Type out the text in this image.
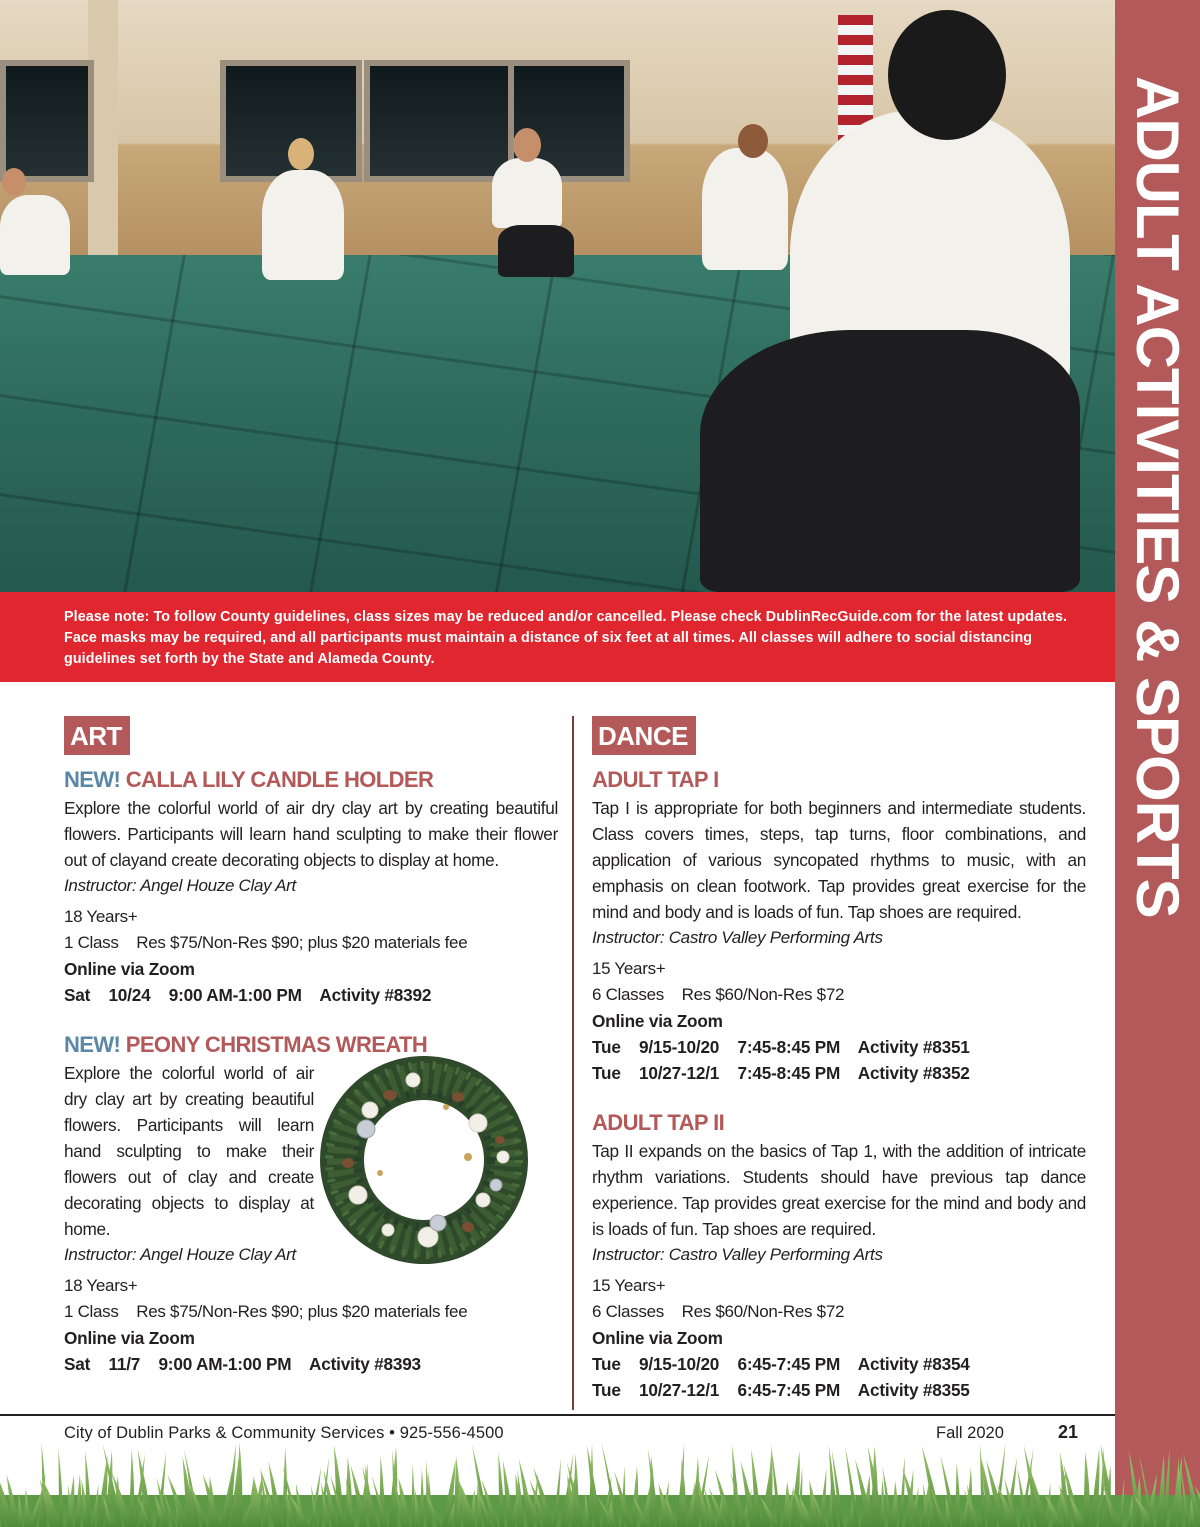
Please note: To follow County guidelines, class sizes may be reduced and/or cancelled. Please check DublinRecGuide.com for the latest updates. Face masks may be required, and all participants must maintain a distance of six feet at all times. All classes will adhere to social distancing guidelines set forth by the State and Alameda County.	ADULT ACTIVITIES & SPORTS
ART
NEW! CALLA LILY CANDLE HOLDER

Explore the colorful world of air dry clay art by creating beautiful flowers. Participants will learn hand sculpting to make their flower out of clayand create decorating objects to display at home.

Instructor: Angel Houze Clay Art
18 Years+
1 Class    Res $75/Non-Res $90; plus $20 materials fee
Online via Zoom
Sat    10/24    9:00 AM-1:00 PM    Activity #8392
NEW! PEONY CHRISTMAS WREATH

Explore the colorful world of air dry clay art by creating beautiful flowers. Participants will learn hand sculpting to make their flowers out of clay and create decorating objects to display at home.

Instructor: Angel Houze Clay Art
18 Years+
1 Class    Res $75/Non-Res $90; plus $20 materials fee
Online via Zoom
Sat    11/7    9:00 AM-1:00 PM    Activity #8393
DANCE
ADULT TAP I

Tap I is appropriate for both beginners and intermediate students. Class covers times, steps, tap turns, floor combinations, and application of various syncopated rhythms to music, with an emphasis on clean footwork. Tap provides great exercise for the mind and body and is loads of fun. Tap shoes are required.

Instructor: Castro Valley Performing Arts
15 Years+
6 Classes    Res $60/Non-Res $72
Online via Zoom
Tue    9/15-10/20    7:45-8:45 PM    Activity #8351
Tue    10/27-12/1    7:45-8:45 PM    Activity #8352
ADULT TAP II

Tap II expands on the basics of Tap 1, with the addition of intricate rhythm variations. Students should have previous tap dance experience. Tap provides great exercise for the mind and body and is loads of fun. Tap shoes are required.

Instructor: Castro Valley Performing Arts
15 Years+
6 Classes    Res $60/Non-Res $72
Online via Zoom
Tue    9/15-10/20    6:45-7:45 PM    Activity #8354
Tue    10/27-12/1    6:45-7:45 PM    Activity #8355
City of Dublin Parks & Community Services • 925-556-4500	Fall 2020	21
